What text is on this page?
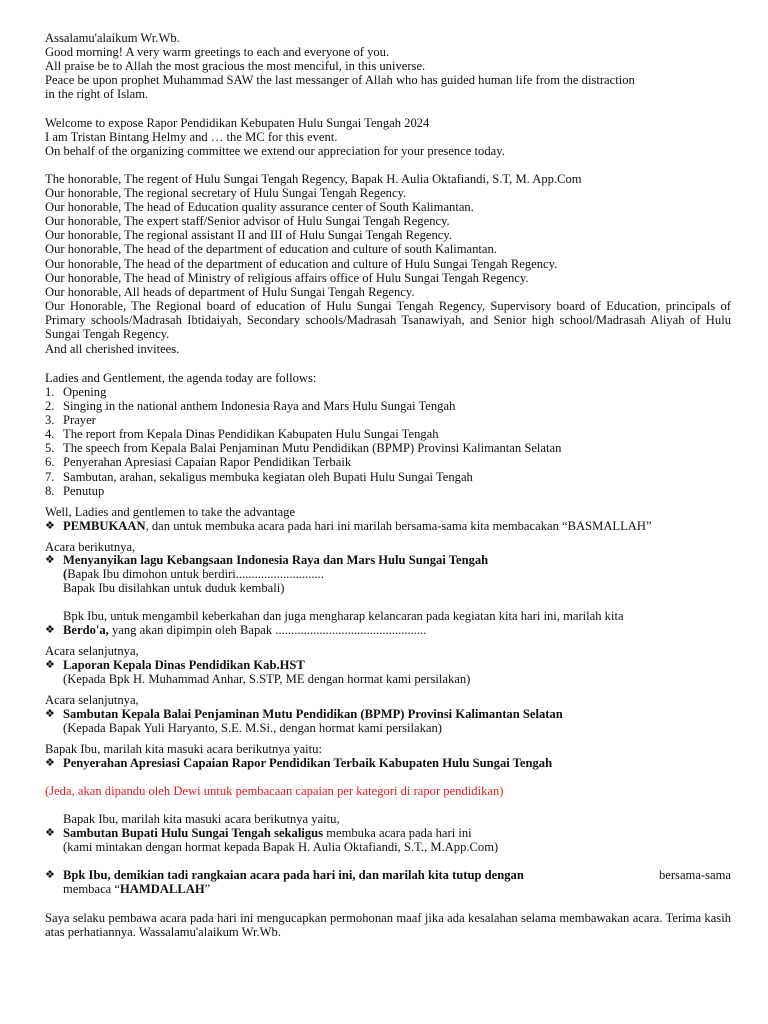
Assalamu'alaikum Wr.Wb.
Good morning! A very warm greetings to each and everyone of you.
All praise be to Allah the most gracious the most menciful, in this universe.
Peace be upon prophet Muhammad SAW the last messanger of Allah who has guided human life from the distraction
in the right of Islam.
Welcome to expose Rapor Pendidikan Kebupaten Hulu Sungai Tengah 2024
I am Tristan Bintang Helmy and … the MC for this event.
On behalf of the organizing committee we extend our appreciation for your presence today.
The honorable, The regent of Hulu Sungai Tengah Regency, Bapak H. Aulia Oktafiandi, S.T, M. App.Com
Our honorable, The regional secretary of Hulu Sungai Tengah Regency.
Our honorable, The head of Education quality assurance center of South Kalimantan.
Our honorable, The expert staff/Senior advisor of Hulu Sungai Tengah Regency.
Our honorable, The regional assistant II and III of Hulu Sungai Tengah Regency.
Our honorable, The head of the department of education and culture of south Kalimantan.
Our honorable, The head of the department of education and culture of Hulu Sungai Tengah Regency.
Our honorable, The head of Ministry of religious affairs office of Hulu Sungai Tengah Regency.
Our honorable, All heads of department of Hulu Sungai Tengah Regency.
Our Honorable, The Regional board of education of Hulu Sungai Tengah Regency, Supervisory board of Education, principals of Primary schools/Madrasah Ibtidaiyah, Secondary schools/Madrasah Tsanawiyah, and Senior high school/Madrasah Aliyah of Hulu Sungai Tengah Regency.
And all cherished invitees.
Ladies and Gentlement, the agenda today are follows:
1. Opening
2. Singing in the national anthem Indonesia Raya and Mars Hulu Sungai Tengah
3. Prayer
4. The report from Kepala Dinas Pendidikan Kabupaten Hulu Sungai Tengah
5. The speech from Kepala Balai Penjaminan Mutu Pendidikan (BPMP) Provinsi Kalimantan Selatan
6. Penyerahan Apresiasi Capaian Rapor Pendidikan Terbaik
7. Sambutan, arahan, sekaligus membuka kegiatan oleh Bupati Hulu Sungai Tengah
8. Penutup
Well, Ladies and gentlemen to take the advantage
❖ PEMBUKAAN, dan untuk membuka acara pada hari ini marilah bersama-sama kita membacakan “BASMALLAH”
Acara berikutnya,
❖ Menyanyikan lagu Kebangsaan Indonesia Raya dan Mars Hulu Sungai Tengah
(Bapak Ibu dimohon untuk berdiri............................
Bapak Ibu disilahkan untuk duduk kembali)
Bpk Ibu, untuk mengambil keberkahan dan juga mengharap kelancaran pada kegiatan kita hari ini, marilah kita
❖ Berdo'a, yang akan dipimpin oleh Bapak ................................................
Acara selanjutnya,
❖ Laporan Kepala Dinas Pendidikan Kab.HST
(Kepada Bpk H. Muhammad Anhar, S.STP, ME dengan hormat kami persilakan)
Acara selanjutnya,
❖ Sambutan Kepala Balai Penjaminan Mutu Pendidikan (BPMP) Provinsi Kalimantan Selatan
(Kepada Bapak Yuli Haryanto, S.E. M.Si., dengan hormat kami persilakan)
Bapak Ibu, marilah kita masuki acara berikutnya yaitu:
❖ Penyerahan Apresiasi Capaian Rapor Pendidikan Terbaik Kabupaten Hulu Sungai Tengah
(Jeda, akan dipandu oleh Dewi untuk pembacaan capaian per kategori di rapor pendidikan)
Bapak Ibu, marilah kita masuki acara berikutnya yaitu,
❖ Sambutan Bupati Hulu Sungai Tengah sekaligus membuka acara pada hari ini
(kami mintakan dengan hormat kepada Bapak H. Aulia Oktafiandi, S.T., M.App.Com)
❖ Bpk Ibu, demikian tadi rangkaian acara pada hari ini, dan marilah kita tutup dengan	bersama-sama
membaca “HAMDALLAH”
Saya selaku pembawa acara pada hari ini mengucapkan permohonan maaf jika ada kesalahan selama membawakan acara. Terima kasih atas perhatiannya. Wassalamu'alaikum Wr.Wb.
